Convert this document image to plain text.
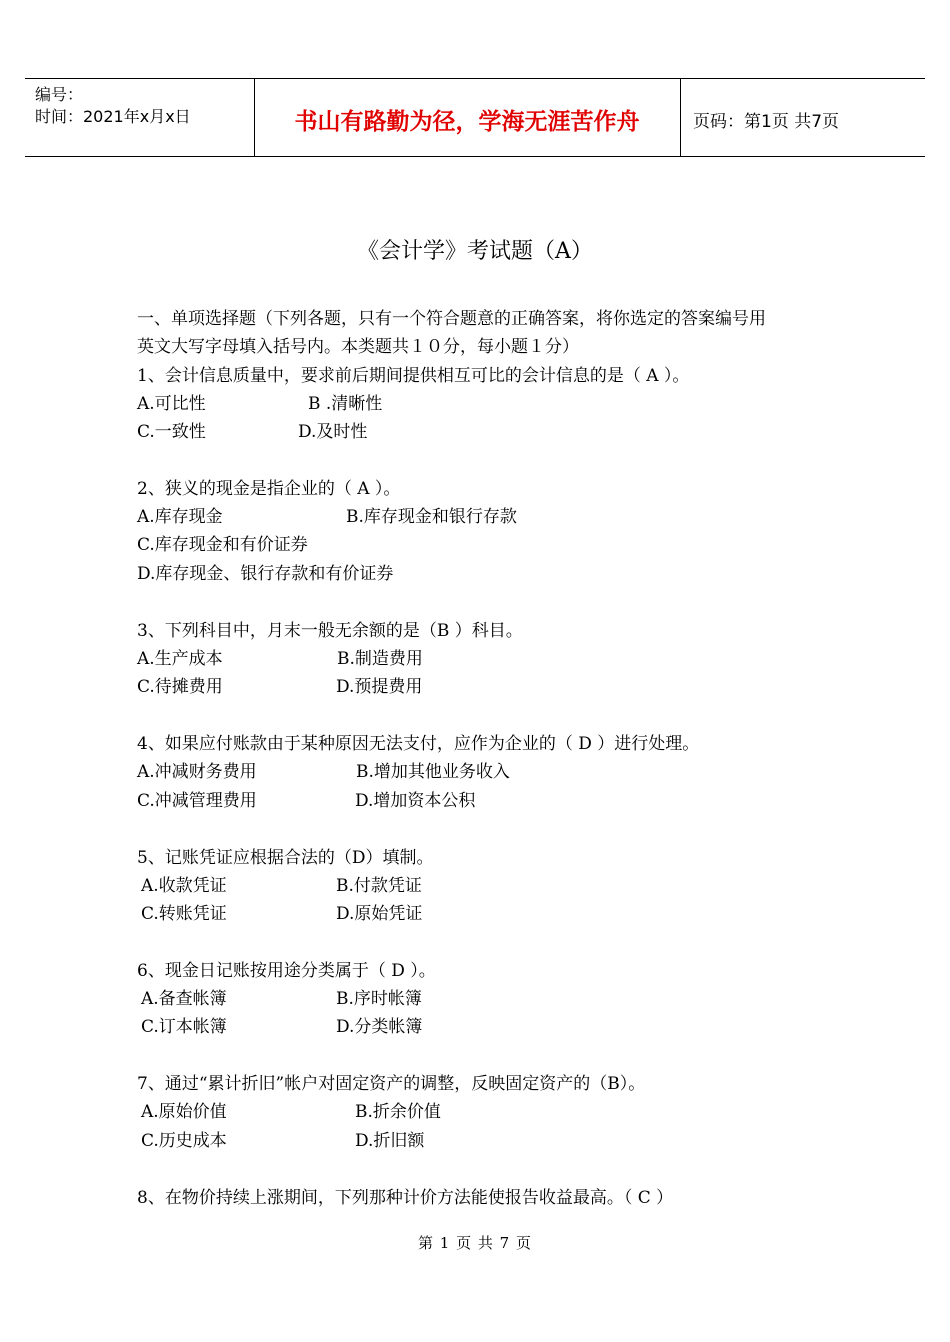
编号：
时间：2021年x月x日	书山有路勤为径，学海无涯苦作舟	页码：第1页 共7页
《会计学》考试题（A）
一、单项选择题（下列各题，只有一个符合题意的正确答案，将你选定的答案编号用
英文大写字母填入括号内。本类题共１０分，每小题１分）
1、会计信息质量中，要求前后期间提供相互可比的会计信息的是（ A ）。
A.可比性	B .清晰性
C.一致性	D.及时性
2、狭义的现金是指企业的（ A ）。
A.库存现金	B.库存现金和银行存款
C.库存现金和有价证券
D.库存现金、银行存款和有价证券
3、下列科目中，月末一般无余额的是（B ）科目。
A.生产成本	B.制造费用
C.待摊费用	D.预提费用
4、如果应付账款由于某种原因无法支付，应作为企业的（ D ）进行处理。
A.冲减财务费用	B.增加其他业务收入
C.冲减管理费用	D.增加资本公积
5、记账凭证应根据合法的（D）填制。
A.收款凭证	B.付款凭证
C.转账凭证	D.原始凭证
6、现金日记账按用途分类属于（ D ）。
A.备查帐簿	B.序时帐簿
C.订本帐簿	D.分类帐簿
7、通过“累计折旧”帐户对固定资产的调整，反映固定资产的（B）。
A.原始价值	B.折余价值
C.历史成本	D.折旧额
8、在物价持续上涨期间，下列那种计价方法能使报告收益最高。（ C ）
第 1 页 共 7 页
